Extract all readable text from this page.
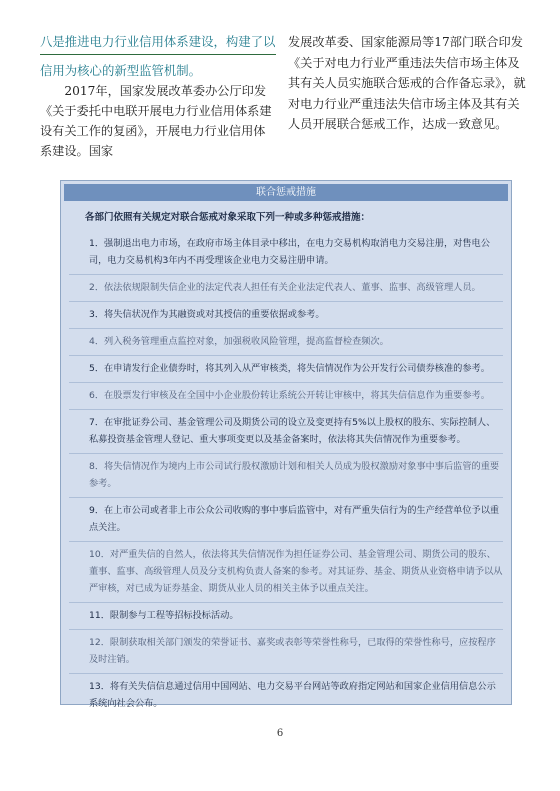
八是推进电力行业信用体系建设，构建了以
信用为核心的新型监管机制。

2017年，国家发展改革委办公厅印发《关于委托中电联开展电力行业信用体系建设有关工作的复函》，开展电力行业信用体系建设。国家

发展改革委、国家能源局等17部门联合印发《关于对电力行业严重违法失信市场主体及其有关人员实施联合惩戒的合作备忘录》，就对电力行业严重违法失信市场主体及其有关人员开展联合惩戒工作，达成一致意见。

联合惩戒措施
各部门依照有关规定对联合惩戒对象采取下列一种或多种惩戒措施：
1．强制退出电力市场，在政府市场主体目录中移出，在电力交易机构取消电力交易注册，对售电公司，电力交易机构3年内不再受理该企业电力交易注册申请。
2．依法依规限制失信企业的法定代表人担任有关企业法定代表人、董事、监事、高级管理人员。
3．将失信状况作为其融资或对其授信的重要依据或参考。
4．列入税务管理重点监控对象，加强税收风险管理，提高监督检查频次。
5．在申请发行企业债券时，将其列入从严审核类，将失信情况作为公开发行公司债券核准的参考。
6．在股票发行审核及在全国中小企业股份转让系统公开转让审核中，将其失信信息作为重要参考。
7．在审批证券公司、基金管理公司及期货公司的设立及变更持有5%以上股权的股东、实际控制人、私募投资基金管理人登记、重大事项变更以及基金备案时，依法将其失信情况作为重要参考。
8．将失信情况作为境内上市公司试行股权激励计划和相关人员成为股权激励对象事中事后监管的重要参考。
9．在上市公司或者非上市公众公司收购的事中事后监管中，对有严重失信行为的生产经营单位予以重点关注。
10．对严重失信的自然人，依法将其失信情况作为担任证券公司、基金管理公司、期货公司的股东、董事、监事、高级管理人员及分支机构负责人备案的参考。对其证券、基金、期货从业资格申请予以从严审核，对已成为证券基金、期货从业人员的相关主体予以重点关注。
11．限制参与工程等招标投标活动。
12．限制获取相关部门颁发的荣誉证书、嘉奖或表彰等荣誉性称号，已取得的荣誉性称号，应按程序及时注销。
13．将有关失信信息通过信用中国网站、电力交易平台网站等政府指定网站和国家企业信用信息公示系统向社会公布。
6
